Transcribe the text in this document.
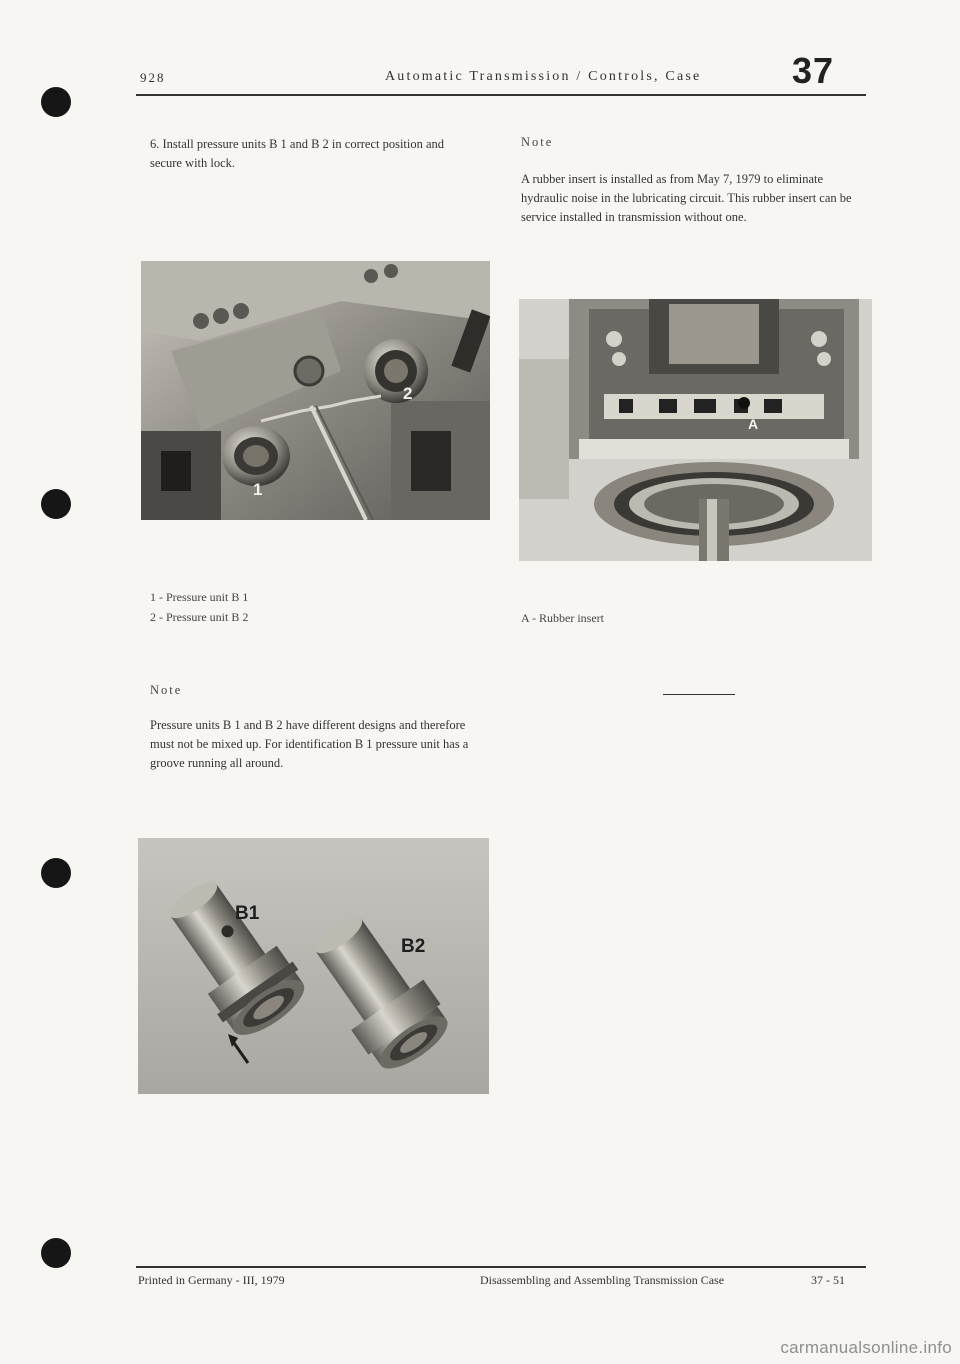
928	Automatic Transmission / Controls, Case	37
6. Install pressure units B 1 and B 2 in correct position and secure with lock.
1
2
1 - Pressure unit B 1
2 - Pressure unit B 2
Note
Pressure units B 1 and B 2 have different designs and therefore must not be mixed up. For identification B 1 pressure unit has a groove running all around.
B1
B2
Note
A rubber insert is installed as from May 7, 1979 to eliminate hydraulic noise in the lubricating circuit. This rubber insert can be service installed in transmission without one.
A
A - Rubber insert
Printed in Germany - III, 1979	Disassembling and Assembling Transmission Case	37 - 51
carmanualsonline.info
